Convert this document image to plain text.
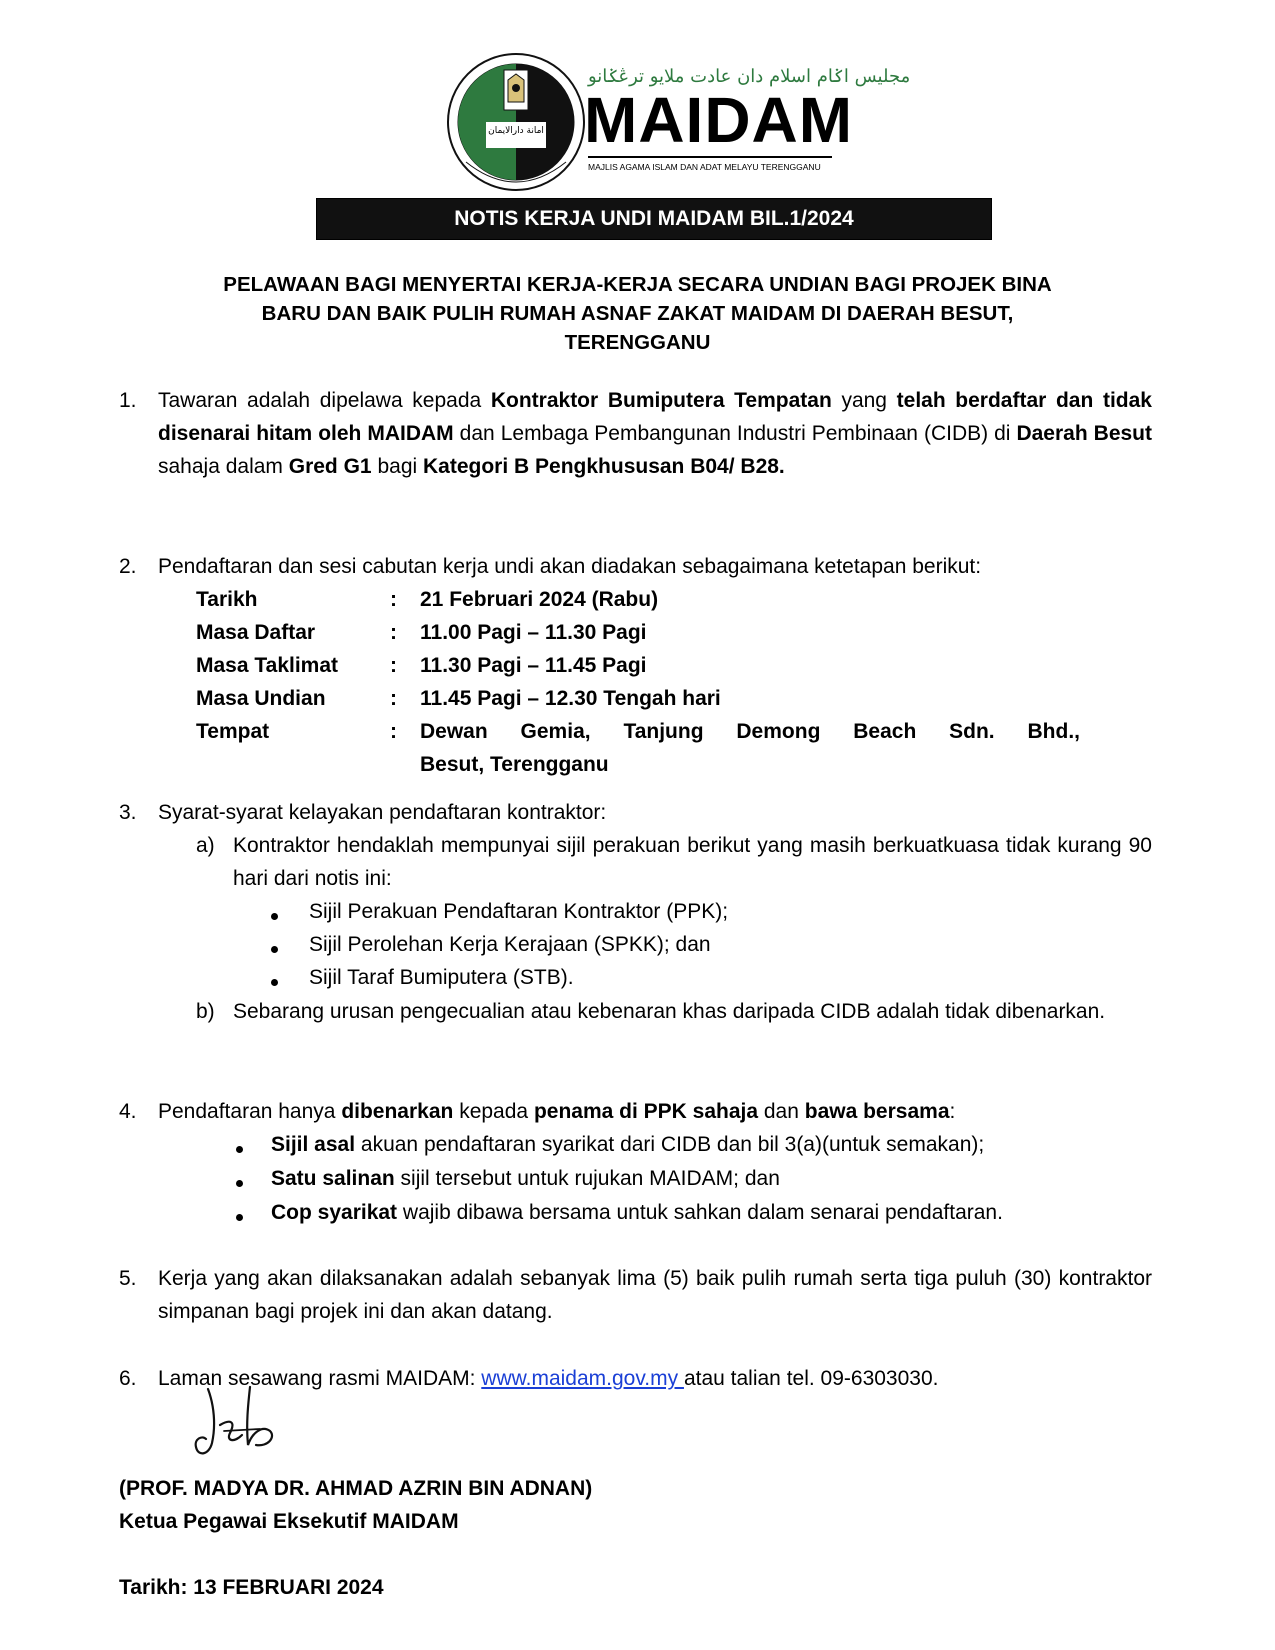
امانة دارالايمان
مجليس اݢام اسلام دان عادت ملايو ترڠݢانو
MAIDAM
MAJLIS AGAMA ISLAM DAN ADAT MELAYU TERENGGANU
NOTIS KERJA UNDI MAIDAM BIL.1/2024
PELAWAAN BAGI MENYERTAI KERJA-KERJA SECARA UNDIAN BAGI PROJEK BINA
BARU DAN BAIK PULIH RUMAH ASNAF ZAKAT MAIDAM DI DAERAH BESUT,
TERENGGANU
1. Tawaran adalah dipelawa kepada Kontraktor Bumiputera Tempatan yang telah berdaftar dan tidak disenarai hitam oleh MAIDAM dan Lembaga Pembangunan Industri Pembinaan (CIDB) di Daerah Besut sahaja dalam Gred G1 bagi Kategori B Pengkhususan B04/ B28.
2. Pendaftaran dan sesi cabutan kerja undi akan diadakan sebagaimana ketetapan berikut:
Tarikh	: 21 Februari 2024 (Rabu)
Masa Daftar	: 11.00 Pagi – 11.30 Pagi
Masa Taklimat : 11.30 Pagi – 11.45 Pagi
Masa Undian	: 11.45 Pagi – 12.30 Tengah hari
Tempat	: Dewan Gemia, Tanjung Demong Beach Sdn. Bhd.,
Besut, Terengganu
3. Syarat-syarat kelayakan pendaftaran kontraktor:
a) Kontraktor hendaklah mempunyai sijil perakuan berikut yang masih berkuatkuasa tidak kurang 90 hari dari notis ini:
Sijil Perakuan Pendaftaran Kontraktor (PPK);
Sijil Perolehan Kerja Kerajaan (SPKK); dan
Sijil Taraf Bumiputera (STB).
b) Sebarang urusan pengecualian atau kebenaran khas daripada CIDB adalah tidak dibenarkan.
4. Pendaftaran hanya dibenarkan kepada penama di PPK sahaja dan bawa bersama:
Sijil asal akuan pendaftaran syarikat dari CIDB dan bil 3(a)(untuk semakan);
Satu salinan sijil tersebut untuk rujukan MAIDAM; dan
Cop syarikat wajib dibawa bersama untuk sahkan dalam senarai pendaftaran.
5. Kerja yang akan dilaksanakan adalah sebanyak lima (5) baik pulih rumah serta tiga puluh (30) kontraktor simpanan bagi projek ini dan akan datang.
6. Laman sesawang rasmi MAIDAM: www.maidam.gov.my atau talian tel. 09-6303030.
(PROF. MADYA DR. AHMAD AZRIN BIN ADNAN)
Ketua Pegawai Eksekutif MAIDAM
Tarikh: 13 FEBRUARI 2024
